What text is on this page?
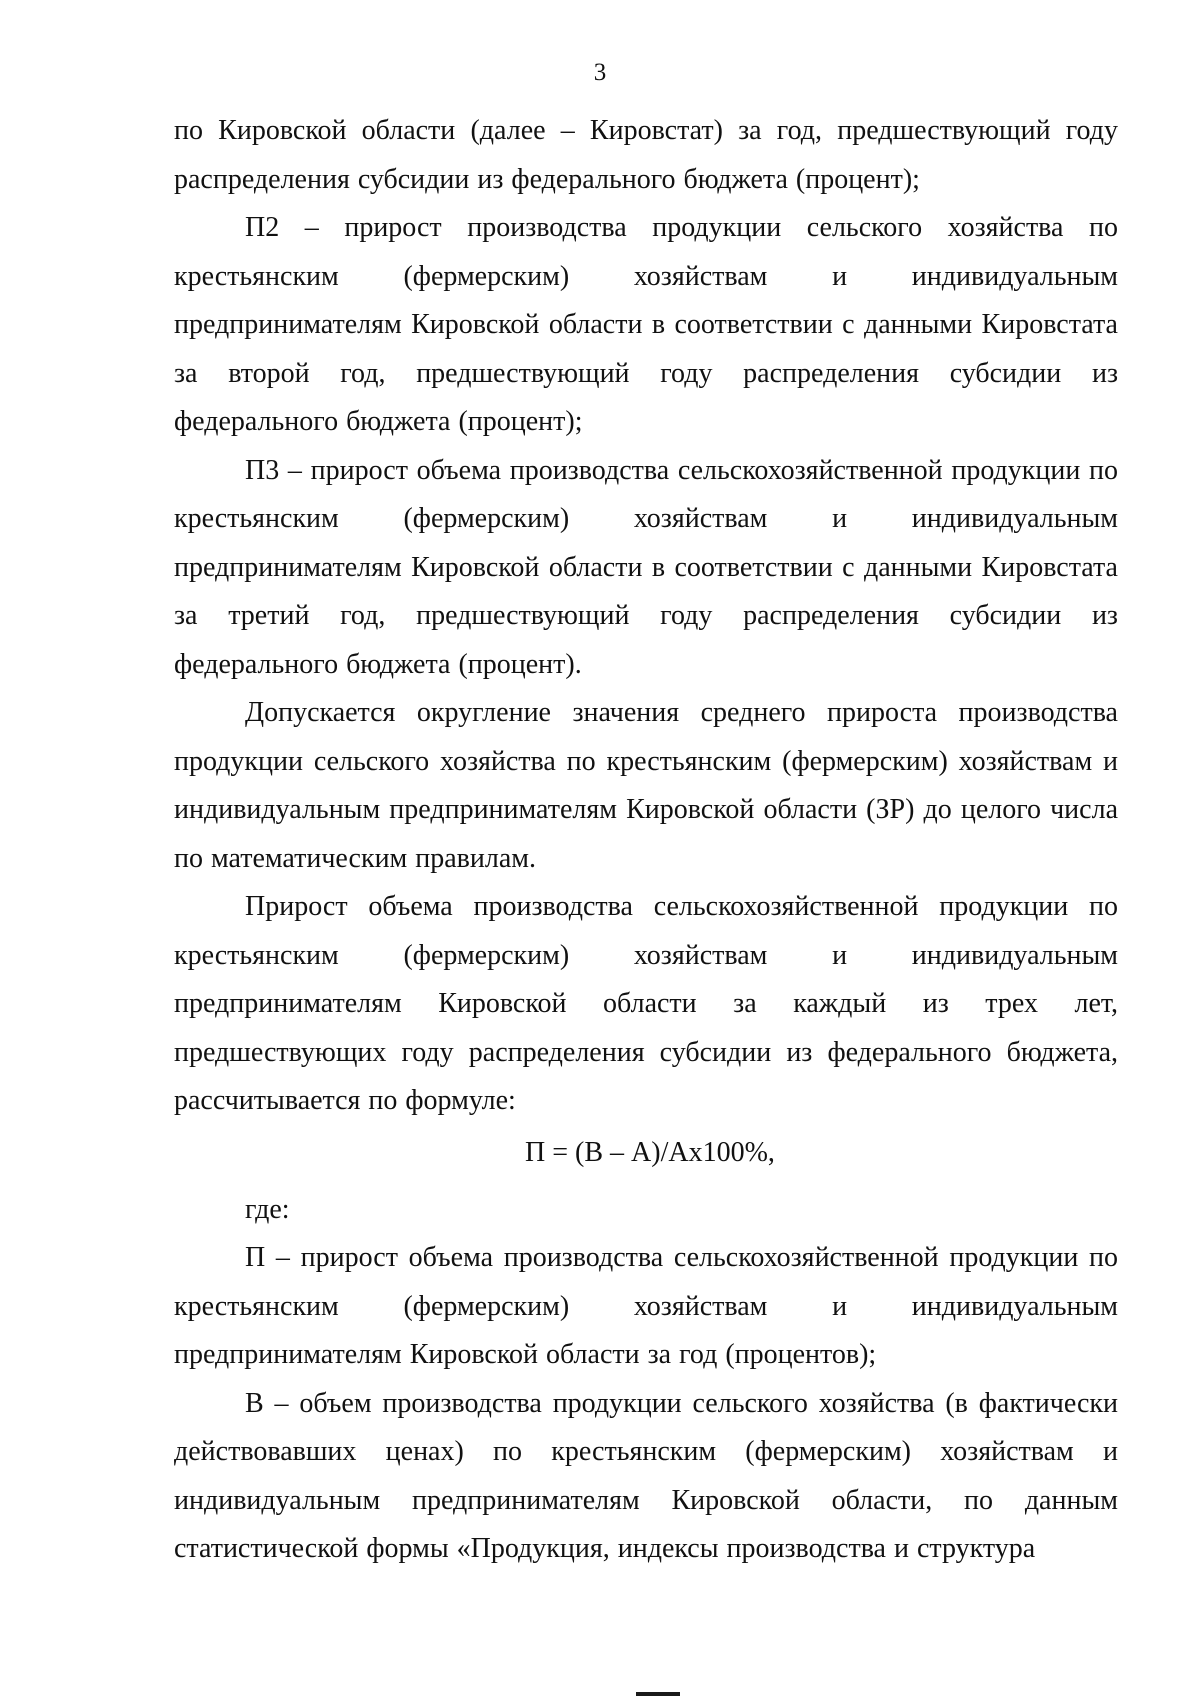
3

по Кировской области (далее – Кировстат) за год, предшествующий году распределения субсидии из федерального бюджета (процент);

П2 – прирост производства продукции сельского хозяйства по крестьянским (фермерским) хозяйствам и индивидуальным предпринимателям Кировской области в соответствии с данными Кировстата за второй год, предшествующий году распределения субсидии из федерального бюджета (процент);

П3 – прирост объема производства сельскохозяйственной продукции по крестьянским (фермерским) хозяйствам и индивидуальным предпринимателям Кировской области в соответствии с данными Кировстата за третий год, предшествующий году распределения субсидии из федерального бюджета (процент).

Допускается округление значения среднего прироста производства продукции сельского хозяйства по крестьянским (фермерским) хозяйствам и индивидуальным предпринимателям Кировской области (ЗР) до целого числа по математическим правилам.

Прирост объема производства сельскохозяйственной продукции по крестьянским (фермерским) хозяйствам и индивидуальным предпринимателям Кировской области за каждый из трех лет, предшествующих году распределения субсидии из федерального бюджета, рассчитывается по формуле:

П = (В – А)/Ах100%,

где:

П – прирост объема производства сельскохозяйственной продукции по крестьянским (фермерским) хозяйствам и индивидуальным предпринимателям Кировской области за год (процентов);

В – объем производства продукции сельского хозяйства (в фактически действовавших ценах) по крестьянским (фермерским) хозяйствам и индивидуальным предпринимателям Кировской области, по данным статистической формы «Продукция, индексы производства и структура
